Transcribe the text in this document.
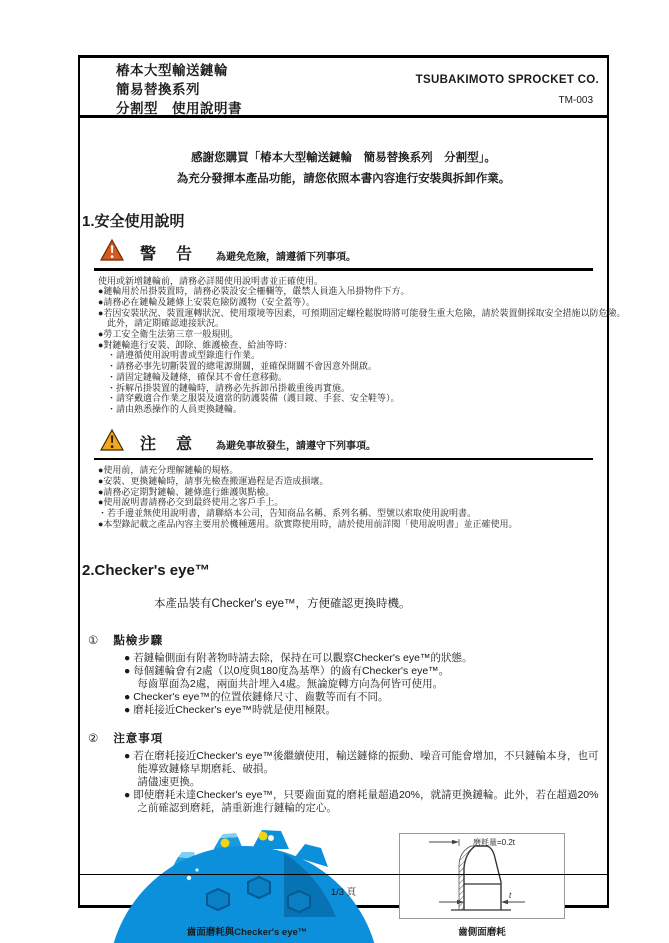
椿本大型輸送鏈輪
簡易替換系列
分割型　使用說明書
TSUBAKIMOTO SPROCKET CO.
TM-003
感謝您購買「椿本大型輸送鏈輪　簡易替換系列　分割型」。
為充分發揮本產品功能，請您依照本書內容進行安裝與拆卸作業。
1.安全使用說明
警　告 為避免危險，請遵循下列事項。
使用或新增鏈輪前，請務必詳閱使用說明書並正確使用。
●鏈輪用於吊掛裝置時，請務必裝設安全柵欄等，嚴禁人員進入吊掛物件下方。
●請務必在鏈輪及鏈條上安裝危險防護物（安全蓋等）。
●若因安裝狀況、裝置運轉狀況、使用環境等因素，可預期固定螺栓鬆脫時將可能發生重大危險，請於裝置側採取安全措施以防危險。
　此外，請定期確認連接狀況。
●勞工安全衛生法第三章一般規則。
●對鏈輪進行安裝、卸除、維護檢查、給油等時：
　・請遵循使用說明書或型錄進行作業。
　・請務必事先切斷裝置的總電源開關，並確保開關不會因意外開啟。
　・請固定鏈輪及鏈條，確保其不會任意移動。
　・拆解吊掛裝置的鏈輪時，請務必先拆卸吊掛載重後再實施。
　・請穿戴適合作業之服裝及適當的防護裝備（護目鏡、手套、安全鞋等）。
　・請由熟悉操作的人員更換鏈輪。
注　意 為避免事故發生，請遵守下列事項。
●使用前，請充分理解鏈輪的規格。
●安裝、更換鏈輪時，請事先檢查搬運過程是否造成損壞。
●請務必定期對鏈輪、鏈條進行維護與點檢。
●使用說明書請務必交到最終使用之客戶手上。
・若手邊並無使用說明書，請聯絡本公司，告知商品名稱、系列名稱、型號以索取使用說明書。
●本型錄記載之產品內容主要用於機種選用。欲實際使用時，請於使用前詳閱「使用說明書」並正確使用。
2.Checker's eye™
本產品裝有Checker's eye™，方便確認更換時機。
① 點檢步驟
● 若鏈輪側面有附著物時請去除，保持在可以觀察Checker's eye™的狀態。
● 每個鏈輪會有2處（以0度與180度為基準）的齒有Checker's eye™。
　 每齒單面為2處，兩面共計埋入4處。無論旋轉方向為何皆可使用。
● Checker's eye™的位置依鏈條尺寸、齒數等而有不同。
● 磨耗接近Checker's eye™時就是使用極限。
② 注意事項
● 若在磨耗接近Checker's eye™後繼續使用，輸送鏈條的振動、噪音可能會增加，不只鏈輪本身，也可
　 能導致鏈條早期磨耗、破損。
　 請儘速更換。
● 即使磨耗未達Checker's eye™，只要齒面寬的磨耗量超過20%，就請更換鏈輪。此外，若在超過20%
　 之前確認到磨耗，請重新進行鏈輪的定心。
齒面磨耗與Checker's eye™
磨耗量=0.2t
t
齒側面磨耗
1/3 頁
